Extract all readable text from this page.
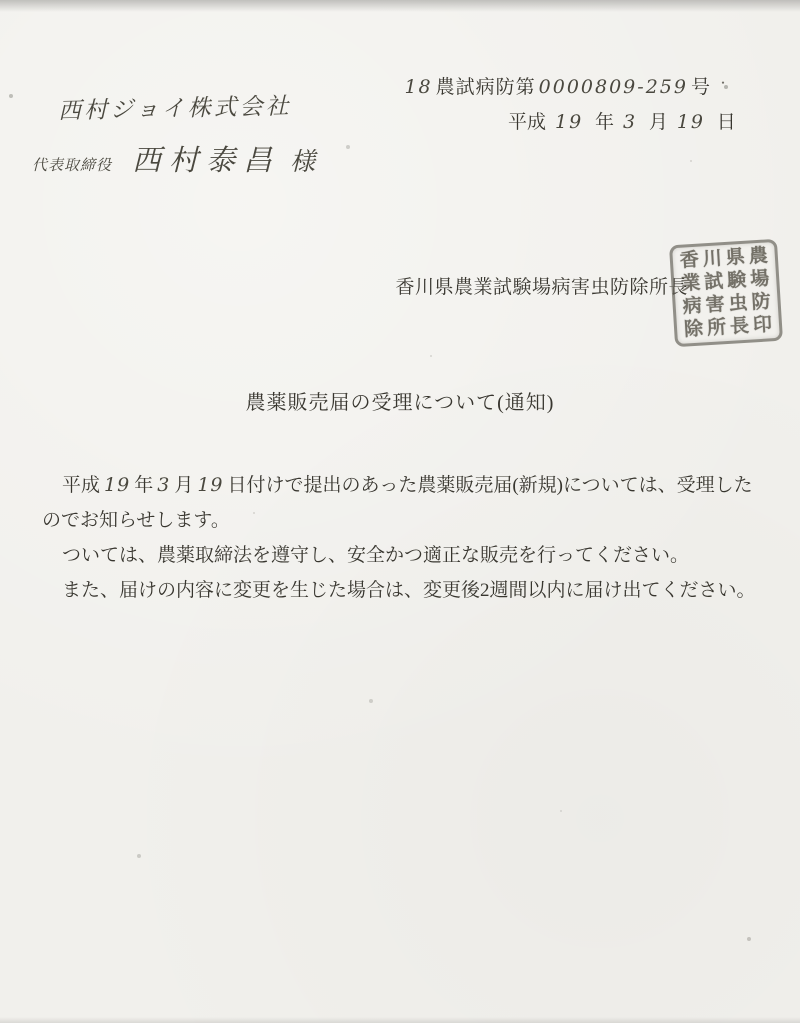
18 農試病防第 0000809-259 号 ・
平成 19 年 3 月 19 日
西村ジョイ株式会社
代表取締役 西村泰昌 様
香川県農業試験場病害虫防除所長
香川県農
業試験場
病害虫防
除所長印
農薬販売届の受理について(通知)
平成 19 年 3 月 19 日付けで提出のあった農薬販売届(新規)については、受理した
のでお知らせします。
ついては、農薬取締法を遵守し、安全かつ適正な販売を行ってください。
また、届けの内容に変更を生じた場合は、変更後2週間以内に届け出てください。
